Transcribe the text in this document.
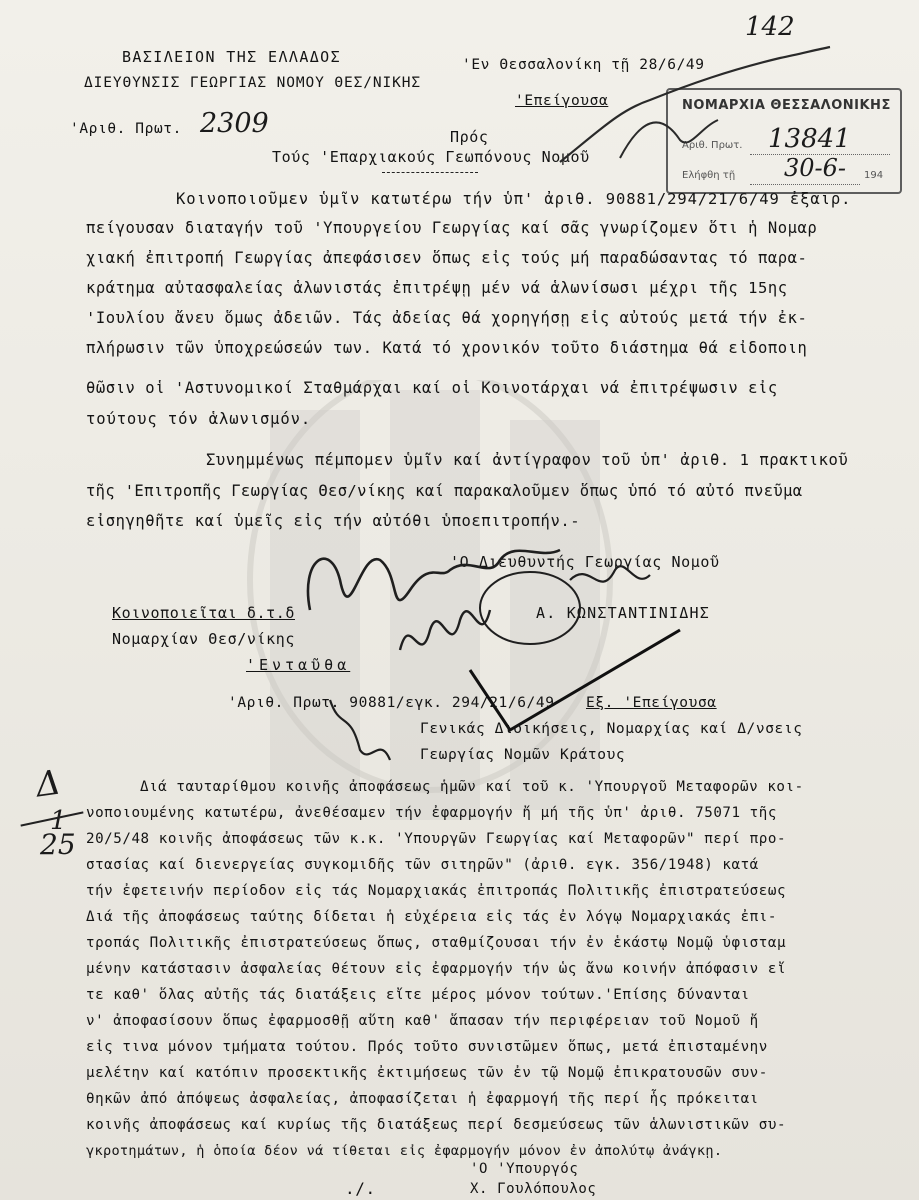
142
ΒΑΣΙΛΕΙΟΝ ΤΗΣ ΕΛΛΑΔΟΣ
ΔΙΕΥΘΥΝΣΙΣ ΓΕΩΡΓΙΑΣ ΝΟΜΟΥ ΘΕΣ/ΝΙΚΗΣ
'Εν Θεσσαλονίκη τῇ 28/6/49
'Επείγουσα
'Αριθ. Πρωτ. 2309	Πρός
Τούς 'Επαρχιακούς Γεωπόνους Νομοῦ
ΝΟΜΑΡΧΙΑ ΘΕΣΣΑΛΟΝΙΚΗΣ
Αριθ. Πρωτ. 13841
Ελήφθη τῇ 30-6- 194
Κοινοποιοῦμεν ὑμῖν κατωτέρω τήν ὑπ' ἀριθ. 90881/294/21/6/49 ἐξαιρ.
πείγουσαν διαταγήν τοῦ 'Υπουργείου Γεωργίας καί σᾶς γνωρίζομεν ὅτι ἡ Νομαρ
χιακή ἐπιτροπή Γεωργίας ἀπεφάσισεν ὅπως εἰς τούς μή παραδώσαντας τό παρα-
κράτημα αὐτασφαλείας ἁλωνιστάς ἐπιτρέψῃ μέν νά ἁλωνίσωσι μέχρι τῆς 15ης
'Ιουλίου ἄνευ ὅμως ἀδειῶν. Τάς ἀδείας θά χορηγήσῃ εἰς αὐτούς μετά τήν ἐκ-
πλήρωσιν τῶν ὑποχρεώσεών των. Κατά τό χρονικόν τοῦτο διάστημα θά εἰδοποιη
θῶσιν οἱ 'Αστυνομικοί Σταθμάρχαι καί οἱ Κοινοτάρχαι νά ἐπιτρέψωσιν εἰς
τούτους τόν ἁλωνισμόν.
Συνημμένως πέμπομεν ὑμῖν καί ἀντίγραφον τοῦ ὑπ' ἀριθ. 1 πρακτικοῦ
τῆς 'Επιτροπῆς Γεωργίας Θεσ/νίκης καί παρακαλοῦμεν ὅπως ὑπό τό αὐτό πνεῦμα
εἰσηγηθῆτε καί ὑμεῖς εἰς τήν αὐτόθι ὑποεπιτροπήν.-
'Ο Διευθυντής Γεωργίας Νομοῦ
Α. ΚΩΝΣΤΑΝΤΙΝΙΔΗΣ
Κοινοποιεῖται δ.τ.δ
Νομαρχίαν Θεσ/νίκης
'Ενταῦθα
'Αριθ. Πρωτ. 90881/εγκ. 294/21/6/49 Εξ. 'Επείγουσα
Γενικάς Διοικήσεις, Νομαρχίας καί Δ/νσεις
Γεωργίας Νομῶν Κράτους
Διά ταυταρίθμου κοινῆς ἀποφάσεως ἡμῶν καί τοῦ κ. 'Υπουργοῦ Μεταφορῶν κοι-
νοποιουμένης κατωτέρω, ἀνεθέσαμεν τήν ἐφαρμογήν ἤ μή τῆς ὑπ' ἀριθ. 75071 τῆς
20/5/48 κοινῆς ἀποφάσεως τῶν κ.κ. 'Υπουργῶν Γεωργίας καί Μεταφορῶν" περί προ-
στασίας καί διενεργείας συγκομιδῆς τῶν σιτηρῶν" (ἀριθ. εγκ. 356/1948) κατά
τήν ἐφετεινήν περίοδον εἰς τάς Νομαρχιακάς ἐπιτροπάς Πολιτικῆς ἐπιστρατεύσεως
Διά τῆς ἀποφάσεως ταύτης δίδεται ἡ εὐχέρεια εἰς τάς ἐν λόγῳ Νομαρχιακάς ἐπι-
τροπάς Πολιτικῆς ἐπιστρατεύσεως ὅπως, σταθμίζουσαι τήν ἐν ἑκάστῳ Νομῷ ὑφισταμ
μένην κατάστασιν ἀσφαλείας θέτουν εἰς ἐφαρμογήν τήν ὡς ἄνω κοινήν ἀπόφασιν εἴ
τε καθ' ὅλας αὐτῆς τάς διατάξεις εἴτε μέρος μόνον τούτων.'Επίσης δύνανται
ν' ἀποφασίσουν ὅπως ἐφαρμοσθῇ αὕτη καθ' ἅπασαν τήν περιφέρειαν τοῦ Νομοῦ ἤ
εἰς τινα μόνον τμήματα τούτου. Πρός τοῦτο συνιστῶμεν ὅπως, μετά ἐπισταμένην
μελέτην καί κατόπιν προσεκτικῆς ἐκτιμήσεως τῶν ἐν τῷ Νομῷ ἐπικρατουσῶν συν-
θηκῶν ἀπό ἀπόψεως ἀσφαλείας, ἀποφασίζεται ἡ ἐφαρμογή τῆς περί ἧς πρόκειται
κοινῆς ἀποφάσεως καί κυρίως τῆς διατάξεως περί δεσμεύσεως τῶν ἁλωνιστικῶν συ-
γκροτημάτων, ἡ ὁποία δέον νά τίθεται εἰς ἐφαρμογήν μόνον ἐν ἀπολύτῳ ἀνάγκῃ.
'Ο 'Υπουργός
Χ. Γουλόπουλος
./.
Δ
1
25
